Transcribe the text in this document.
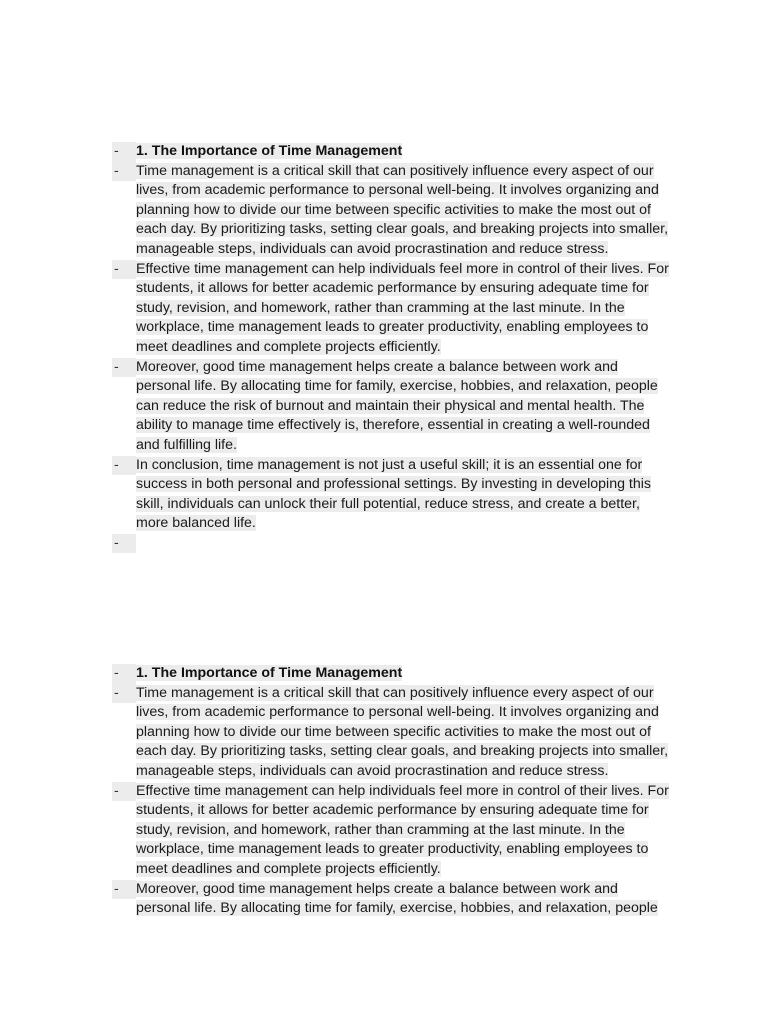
-	1. The Importance of Time Management
-	Time management is a critical skill that can positively influence every aspect of our
lives, from academic performance to personal well-being. It involves organizing and
planning how to divide our time between specific activities to make the most out of
each day. By prioritizing tasks, setting clear goals, and breaking projects into smaller,
manageable steps, individuals can avoid procrastination and reduce stress.
-	Effective time management can help individuals feel more in control of their lives. For
students, it allows for better academic performance by ensuring adequate time for
study, revision, and homework, rather than cramming at the last minute. In the
workplace, time management leads to greater productivity, enabling employees to
meet deadlines and complete projects efficiently.
-	Moreover, good time management helps create a balance between work and
personal life. By allocating time for family, exercise, hobbies, and relaxation, people
can reduce the risk of burnout and maintain their physical and mental health. The
ability to manage time effectively is, therefore, essential in creating a well-rounded
and fulfilling life.
-	In conclusion, time management is not just a useful skill; it is an essential one for
success in both personal and professional settings. By investing in developing this
skill, individuals can unlock their full potential, reduce stress, and create a better,
more balanced life.
-
-	1. The Importance of Time Management
-	Time management is a critical skill that can positively influence every aspect of our
lives, from academic performance to personal well-being. It involves organizing and
planning how to divide our time between specific activities to make the most out of
each day. By prioritizing tasks, setting clear goals, and breaking projects into smaller,
manageable steps, individuals can avoid procrastination and reduce stress.
-	Effective time management can help individuals feel more in control of their lives. For
students, it allows for better academic performance by ensuring adequate time for
study, revision, and homework, rather than cramming at the last minute. In the
workplace, time management leads to greater productivity, enabling employees to
meet deadlines and complete projects efficiently.
-	Moreover, good time management helps create a balance between work and
personal life. By allocating time for family, exercise, hobbies, and relaxation, people
